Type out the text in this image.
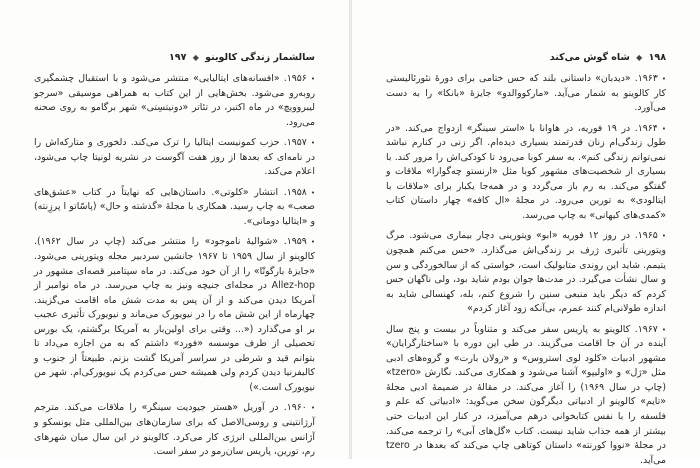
سالشمار زندگی کالوینو ◆ ۱۹۷

•۱۹۵۶. «افسانه‌های ایتالیایی» منتشر می‌شود و با استقبال چشمگیری روبه‌رو می‌شود. بخش‌هایی از این کتاب به همراهی موسیقی «سرجو لیبروویچ» در ماه اکتبر، در تئاتر «دونیتسِتی» شهر برگامو به روی صحنه می‌رود.

•۱۹۵۷. حزب کمونیست ایتالیا را ترک می‌کند. دلخوری و متارکه‌اش را در نامه‌ای که بعدها از روز هفت آگوست در نشریه لونیتا چاپ می‌شود، اعلام می‌کند.

•۱۹۵۸. انتشار «کلوتی». داستان‌هایی که نهایتاً در کتاب «عشق‌های صعب» به چاپ رسید. همکاری با مجلهٔ «گذشته و حال» (پاسّاتو ا پرزِنته) و «ایتالیا دومانی».

•۱۹۵۹. «شوالیهٔ ناموجود» را منتشر می‌کند (چاپ در سال ۱۹۶۲). کالوینو از سال ۱۹۵۹ تا ۱۹۶۷ جانشین سردبیر مجله ویتورینی می‌شود. «جایزهٔ بارگوتّا» را از آن خود می‌کند. در ماه سپتامبر قصه‌ای مشهور در Allez-hop در مجله‌ای جنیچه ونیز به چاپ می‌رسد. در ماه نوامبر از آمریکا دیدن می‌کند و از آن پس به مدت شش ماه اقامت می‌گزیند. چهارماه از این شش ماه را در نیویورک می‌ماند و نیویورک تأثیری عجیب بر او می‌گذارد («... وقتی برای اولین‌بار به آمریکا برگشتم، یک بورس تحصیلی از طرف موسسه «فورد» داشتم که به من اجازه می‌داد تا بتوانم قید و شرطی در سراسر آمریکا گشت بزنم. طبیعتاً از جنوب و کالیفرنیا دیدن کردم ولی همیشه حس می‌کردم یک نیویورکی‌ام. شهر من نیویورک است.»)

•۱۹۶۰. در آوریل «هستر جیودیت سینگر» را ملاقات می‌کند. مترجم آرژانتینی و روسی‌الاصل که برای سازمان‌های بین‌المللی مثل یونسکو و آژانس بین‌المللی انرژی کار می‌کرد. کالوینو در این سال میان شهرهای رم، تورین، پاریس سان‌رمو در سفر است.

۱۹۸ ◆ شاه گوش می‌کند

•۱۹۶۳. «دیدبان» داستانی بلند که حس ختامی برای دورهٔ نئورئالیستی کار کالوینو به شمار می‌آید. «مارکووالدو» جایزهٔ «بانکا» را به دست می‌آورد.

•۱۹۶۴. در ۱۹ فوریه، در هاوانا با «استر سینگر» ازدواج می‌کند. «در طول زندگی‌ام زنان قدرتمند بسیاری دیده‌ام. اگر زنی در کنارم نباشد نمی‌توانم زندگی کنم». به سفر کوبا می‌رود تا کودکی‌اش را مرور کند. با بسیاری از شخصیت‌های مشهور کوبا مثل «ارنستو چه‌گوارا» ملاقات و گفتگو می‌کند. به رم باز می‌گردد و در همه‌جا یکبار برای «ملاقات با ایتالودی» به تورین می‌رود. در مجلهٔ «ال کافه» چهار داستان کتاب «کمدی‌های کیهانی» به چاپ می‌رسد.

•۱۹۶۵. در روز ۱۲ فوریه «ابو» ویتورینی دچار بیماری می‌شود. مرگ ویتورینی تأثیری ژرف بر زندگی‌اش می‌گذارد. «حس می‌کنم همچون یتیمم. شاید این روندی متابولیک است، خواستی که از سالخوردگی و سن و سال نشأت می‌گیرد. در مدت‌ها جوان بودم شاید بود، ولی ناگهان حس کردم که دیگر باید منبعی سنین را شروع کنم، بله، کهنسالی شاید به اندازه طولانی‌ام کنند عمرم، بی‌آنکه زود آغاز کردم»

•۱۹۶۷. کالوینو به پاریس سفر می‌کند و متناوباً در بیست و پنج سال آینده در آن جا اقامت می‌گزیند. در طی این دوره با «ساختارگرایان» مشهور ادبیات «کلود لوی استروس» و «رولان بارت» و گروه‌های ادبی مثل «ژل» و «اولیپو» آشنا می‌شود و همکاری می‌کند. نگارش «tzero» (چاپ در سال ۱۹۶۹) را آغاز می‌کند. در مقالهٔ در ضمیمهٔ ادبی مجلهٔ «تایم» کالوینو از ادبیاتی دیگرگون سخن می‌گوید: «ادبیاتی که علم و فلسفه را با نفس کتابخوانی درهم می‌آمیزد، در کنار این ادبیات حتی بیشتر از همه جذاب شاید نیست. کتاب «گل‌های آبی» را ترجمه می‌کند. در مجلهٔ «نووا کورنته» داستان کوتاهی چاپ می‌کند که بعدها در tzero می‌آید.
